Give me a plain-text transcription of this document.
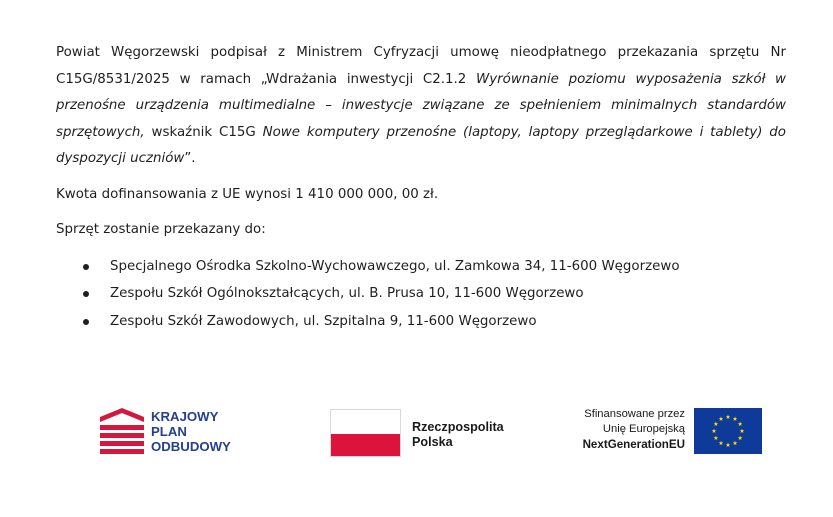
Powiat Węgorzewski podpisał z Ministrem Cyfryzacji umowę nieodpłatnego przekazania sprzętu Nr C15G/8531/2025 w ramach „Wdrażania inwestycji C2.1.2 Wyrównanie poziomu wyposażenia szkół w przenośne urządzenia multimedialne – inwestycje związane ze spełnieniem minimalnych standardów sprzętowych, wskaźnik C15G Nowe komputery przenośne (laptopy, laptopy przeglądarkowe i tablety) do dyspozycji uczniów”.

Kwota dofinansowania z UE wynosi 1 410 000 000, 00 zł.

Sprzęt zostanie przekazany do:

Specjalnego Ośrodka Szkolno-Wychowawczego, ul. Zamkowa 34, 11-600 Węgorzewo
Zespołu Szkół Ogólnokształcących, ul. B. Prusa 10, 11-600 Węgorzewo
Zespołu Szkół Zawodowych, ul. Szpitalna 9, 11-600 Węgorzewo
KRAJOWY
PLAN
ODBUDOWY
Rzeczpospolita
Polska
Sfinansowane przez
Unię Europejską
NextGenerationEU
